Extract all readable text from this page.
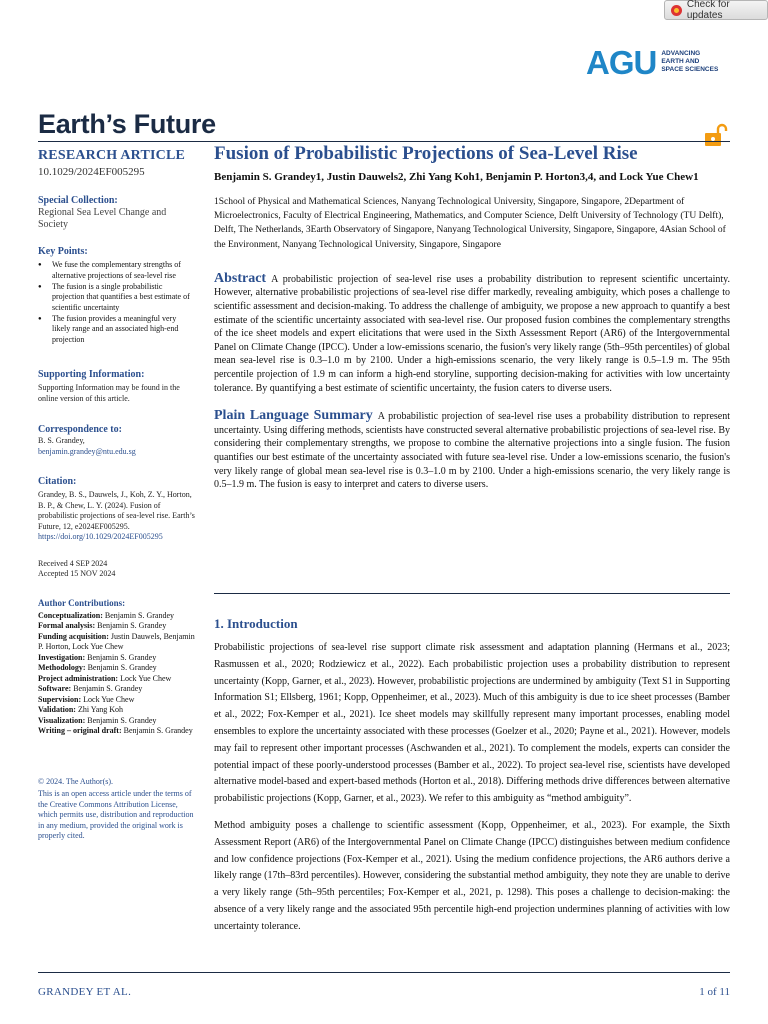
Check for updates
AGU ADVANCING
EARTH AND
SPACE SCIENCES
Earth’s Future
RESEARCH ARTICLE
10.1029/2024EF005295
Special Collection:
Regional Sea Level Change and Society
Key Points:
● We fuse the complementary strengths of alternative projections of sea-level rise
● The fusion is a single probabilistic projection that quantifies a best estimate of scientific uncertainty
● The fusion provides a meaningful very likely range and an associated high-end projection
Supporting Information:
Supporting Information may be found in the online version of this article.
Correspondence to:
B. S. Grandey,
benjamin.grandey@ntu.edu.sg
Citation:
Grandey, B. S., Dauwels, J., Koh, Z. Y., Horton, B. P., & Chew, L. Y. (2024). Fusion of probabilistic projections of sea-level rise. Earth’s Future, 12, e2024EF005295. https://doi.org/10.1029/2024EF005295
Received 4 SEP 2024
Accepted 15 NOV 2024
Author Contributions:
Conceptualization: Benjamin S. Grandey
Formal analysis: Benjamin S. Grandey
Funding acquisition: Justin Dauwels, Benjamin P. Horton, Lock Yue Chew
Investigation: Benjamin S. Grandey
Methodology: Benjamin S. Grandey
Project administration: Lock Yue Chew
Software: Benjamin S. Grandey
Supervision: Lock Yue Chew
Validation: Zhi Yang Koh
Visualization: Benjamin S. Grandey
Writing – original draft: Benjamin S. Grandey
© 2024. The Author(s).
This is an open access article under the terms of the Creative Commons Attribution License, which permits use, distribution and reproduction in any medium, provided the original work is properly cited.
Fusion of Probabilistic Projections of Sea-Level Rise
Benjamin S. Grandey1, Justin Dauwels2, Zhi Yang Koh1, Benjamin P. Horton3,4, and Lock Yue Chew1
1School of Physical and Mathematical Sciences, Nanyang Technological University, Singapore, Singapore, 2Department of Microelectronics, Faculty of Electrical Engineering, Mathematics, and Computer Science, Delft University of Technology (TU Delft), Delft, The Netherlands, 3Earth Observatory of Singapore, Nanyang Technological University, Singapore, Singapore, 4Asian School of the Environment, Nanyang Technological University, Singapore, Singapore
Abstract A probabilistic projection of sea-level rise uses a probability distribution to represent scientific uncertainty. However, alternative probabilistic projections of sea-level rise differ markedly, revealing ambiguity, which poses a challenge to scientific assessment and decision-making. To address the challenge of ambiguity, we propose a new approach to quantify a best estimate of the scientific uncertainty associated with sea-level rise. Our proposed fusion combines the complementary strengths of the ice sheet models and expert elicitations that were used in the Sixth Assessment Report (AR6) of the Intergovernmental Panel on Climate Change (IPCC). Under a low-emissions scenario, the fusion's very likely range (5th–95th percentiles) of global mean sea-level rise is 0.3–1.0 m by 2100. Under a high-emissions scenario, the very likely range is 0.5–1.9 m. The 95th percentile projection of 1.9 m can inform a high-end storyline, supporting decision-making for activities with low uncertainty tolerance. By quantifying a best estimate of scientific uncertainty, the fusion caters to diverse users.
Plain Language Summary A probabilistic projection of sea-level rise uses a probability distribution to represent uncertainty. Using differing methods, scientists have constructed several alternative probabilistic projections of sea-level rise. By considering their complementary strengths, we propose to combine the alternative projections into a single fusion. The fusion quantifies our best estimate of the uncertainty associated with future sea-level rise. Under a low-emissions scenario, the fusion's very likely range of global mean sea-level rise is 0.3–1.0 m by 2100. Under a high-emissions scenario, the very likely range is 0.5–1.9 m. The fusion is easy to interpret and caters to diverse users.
1. Introduction
Probabilistic projections of sea-level rise support climate risk assessment and adaptation planning (Hermans et al., 2023; Rasmussen et al., 2020; Rodziewicz et al., 2022). Each probabilistic projection uses a probability distribution to represent uncertainty (Kopp, Garner, et al., 2023). However, probabilistic projections are undermined by ambiguity (Text S1 in Supporting Information S1; Ellsberg, 1961; Kopp, Oppenheimer, et al., 2023). Much of this ambiguity is due to ice sheet processes (Bamber et al., 2022; Fox-Kemper et al., 2021). Ice sheet models may skillfully represent many important processes, enabling model ensembles to explore the uncertainty associated with these processes (Goelzer et al., 2020; Payne et al., 2021). However, models may fail to represent other important processes (Aschwanden et al., 2021). To complement the models, experts can consider the potential impact of these poorly-understood processes (Bamber et al., 2022). To project sea-level rise, scientists have developed alternative model-based and expert-based methods (Horton et al., 2018). Differing methods drive differences between alternative probabilistic projections (Kopp, Garner, et al., 2023). We refer to this ambiguity as “method ambiguity”.
Method ambiguity poses a challenge to scientific assessment (Kopp, Oppenheimer, et al., 2023). For example, the Sixth Assessment Report (AR6) of the Intergovernmental Panel on Climate Change (IPCC) distinguishes between medium confidence and low confidence projections (Fox-Kemper et al., 2021). Using the medium confidence projections, the AR6 authors derive a likely range (17th–83rd percentiles). However, considering the substantial method ambiguity, they note they are unable to derive a very likely range (5th–95th percentiles; Fox-Kemper et al., 2021, p. 1298). This poses a challenge to decision-making: the absence of a very likely range and the associated 95th percentile high-end projection undermines planning of activities with low uncertainty tolerance.
GRANDEY ET AL.	1 of 11
